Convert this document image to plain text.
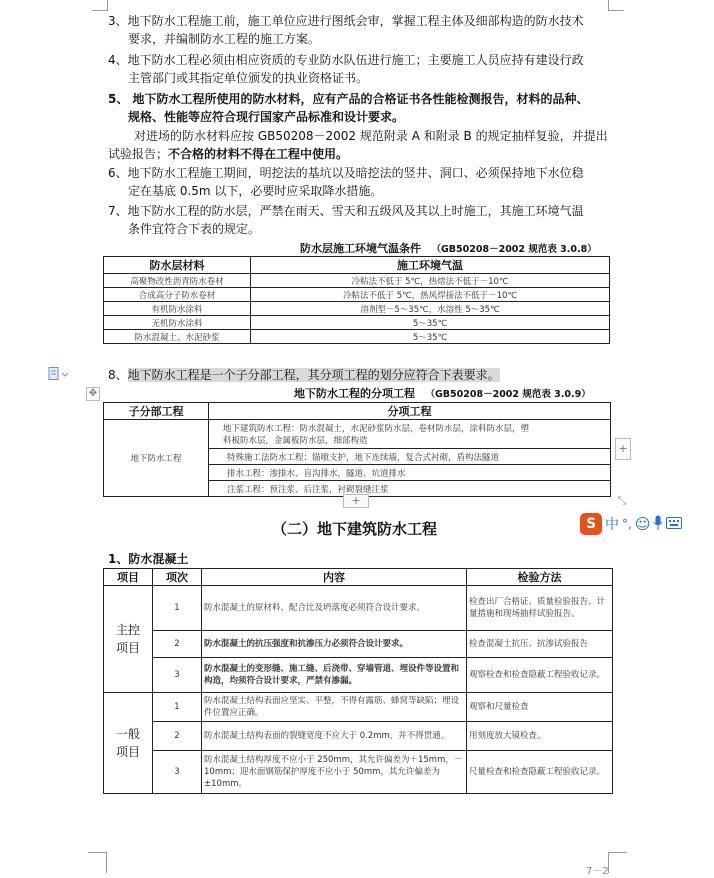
3、地下防水工程施工前，施工单位应进行图纸会审，掌握工程主体及细部构造的防水技术
要求，并编制防水工程的施工方案。
4、地下防水工程必须由相应资质的专业防水队伍进行施工；主要施工人员应持有建设行政
主管部门或其指定单位颁发的执业资格证书。
5、 地下防水工程所使用的防水材料，应有产品的合格证书各性能检测报告，材料的品种、
规格、性能等应符合现行国家产品标准和设计要求。
对进场的防水材料应按 GB50208－2002 规范附录 A 和附录 B 的规定抽样复验，并提出
试验报告；不合格的材料不得在工程中使用。
6、地下防水工程施工期间，明挖法的基坑以及暗挖法的竖井、洞口、必须保持地下水位稳
定在基底 0.5m 以下，必要时应采取降水措施。
7、地下防水工程的防水层，严禁在雨天、雪天和五级风及其以上时施工，其施工环境气温
条件宜符合下表的规定。
防水层施工环境气温条件 （GB50208－2002 规范表 3.0.8）
防水层材料	施工环境气温
高聚物改性沥青防水卷材	冷粘法不低于 5℃，热熔法不低于－10℃
合成高分子防水卷材	冷粘法不低于 5℃，热风焊接法不低于－10℃
有机防水涂料	溶剂型－5～35℃，水溶性 5～35℃
无机防水涂料	5～35℃
防水混凝土、水泥砂浆	5～35℃
8、地下防水工程是一个子分部工程，其分项工程的划分应符合下表要求。
✥	地下防水工程的分项工程 （GB50208－2002 规范表 3.0.9）
子分部工程	分项工程
地下防水工程	地下建筑防水工程：防水混凝土，水泥砂浆防水层，卷材防水层，涂料防水层，塑
料板防水层，金属板防水层，细部构造

	特殊施工法防水工程：锚喷支护，地下连续墙，复合式衬砌，盾构法隧道
	排水工程：渗排水、盲沟排水，隧道、坑道排水
	注浆工程：预注浆、后注浆，衬砌裂缝注浆
+
+	⤡
（二）地下建筑防水工程	S 中 °, ☺
1、防水混凝土
项目	项次	内容	检验方法

主控
项目	1	防水混凝土的原材料、配合比及坍落度必须符合设计要求。	检查出厂合格证、质量检验报告、计量措施和现场抽样试验报告。
	2	防水混凝土的抗压强度和抗渗压力必须符合设计要求。	检查混凝土抗压、抗渗试验报告
	3	防水混凝土的变形缝、施工缝、后浇带、穿墙管道、埋设件等设置和构造，均须符合设计要求，严禁有渗漏。	观察检查和检查隐蔽工程验收记录。

一般
项目	1	防水混凝土结构表面应坚实、平整，不得有露筋、蜂窝等缺陷；埋设件位置应正确。	观察和尺量检查
	2	防水混凝土结构表面的裂缝宽度不应大于 0.2mm，并不得贯通。	用刻度放大镜检查。
	3	防水混凝土结构厚度不应小于 250mm，其允许偏差为＋15mm，－10mm；迎水面钢筋保护厚度不应小于 50mm，其允许偏差为±10mm。	尺量检查和检查隐蔽工程验收记录。
7－2
